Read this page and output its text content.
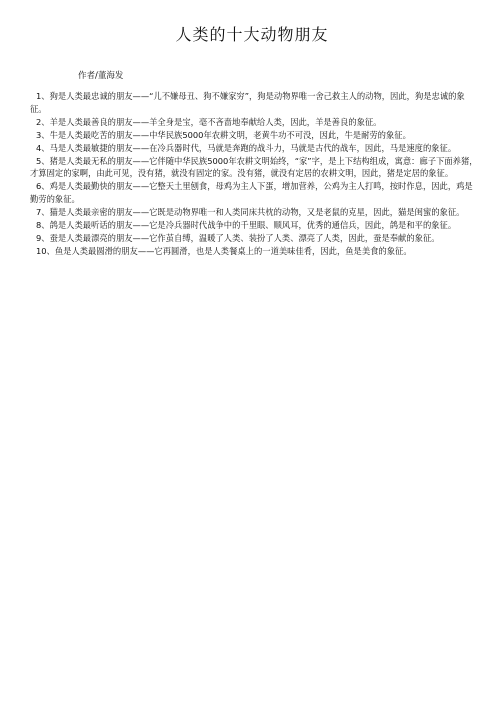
人类的十大动物朋友
作者/董海发

1、狗是人类最忠诚的朋友——“儿不嫌母丑、狗不嫌家穷”，狗是动物界唯一舍己救主人的动物，因此，狗是忠诚的象征。

2、羊是人类最善良的朋友——羊全身是宝，毫不吝啬地奉献给人类，因此，羊是善良的象征。

3、牛是人类最吃苦的朋友——中华民族5000年农耕文明，老黄牛功不可没，因此，牛是耐劳的象征。

4、马是人类最敏捷的朋友——在冷兵器时代，马就是奔跑的战斗力，马就是古代的战车，因此，马是速度的象征。

5、猪是人类最无私的朋友——它伴随中华民族5000年农耕文明始终，“家”字，是上下结构组成，寓意：廊子下面养猪，才算固定的家啊，由此可见，没有猪，就没有固定的家。没有猪，就没有定居的农耕文明，因此，猪是定居的象征。

6、鸡是人类最勤快的朋友——它整天土里刨食，母鸡为主人下蛋，增加营养，公鸡为主人打鸣，按时作息，因此，鸡是勤劳的象征。

7、猫是人类最亲密的朋友——它既是动物界唯一和人类同床共枕的动物，又是老鼠的克星，因此，猫是闺蜜的象征。

8、鸽是人类最听话的朋友——它是冷兵器时代战争中的千里眼、顺风耳，优秀的通信兵，因此，鸽是和平的象征。

9、蚕是人类最漂亮的朋友——它作茧自缚，温暖了人类、装扮了人类、漂亮了人类，因此，蚕是奉献的象征。

10、鱼是人类最圆滑的朋友——它再圆滑，也是人类餐桌上的一道美味佳肴，因此，鱼是美食的象征。
